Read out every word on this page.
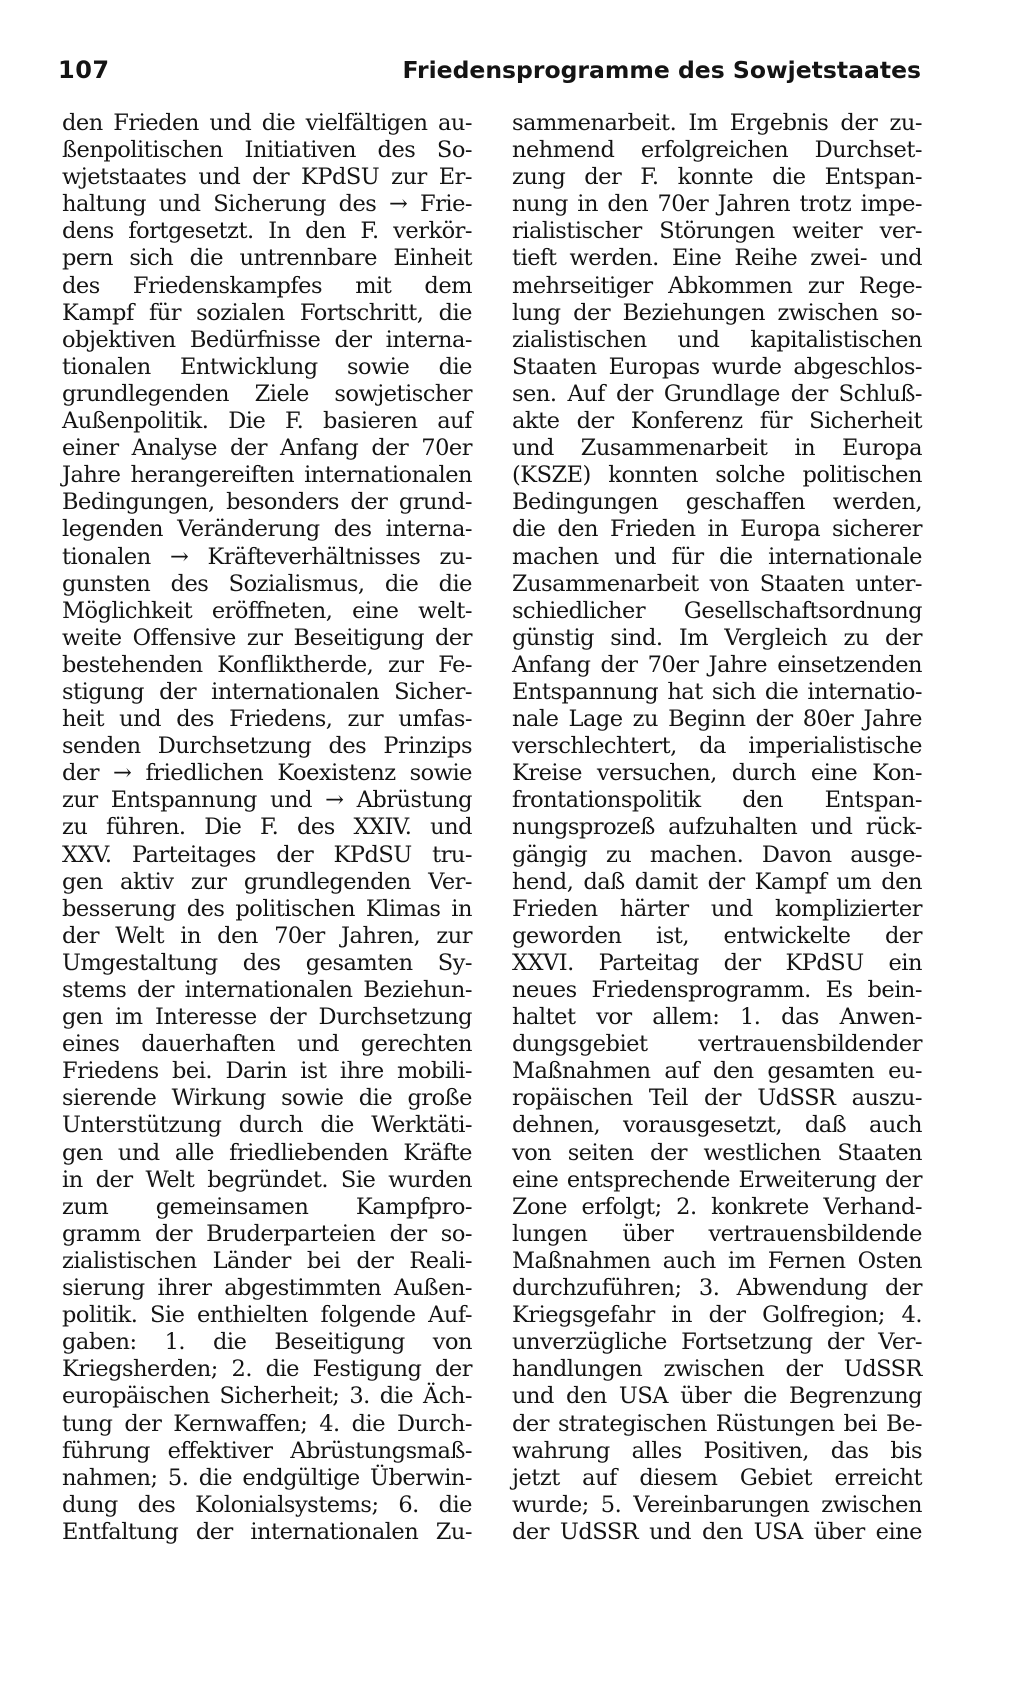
107	Friedensprogramme des Sowjetstaates
den Frieden und die vielfältigen au-
ßenpolitischen Initiativen des So-
wjetstaates und der KPdSU zur Er-
haltung und Sicherung des → Frie-
dens fortgesetzt. In den F. verkör-
pern sich die untrennbare Einheit
des Friedenskampfes mit dem
Kampf für sozialen Fortschritt, die
objektiven Bedürfnisse der interna-
tionalen Entwicklung sowie die
grundlegenden Ziele sowjetischer
Außenpolitik. Die F. basieren auf
einer Analyse der Anfang der 70er
Jahre herangereiften internationalen
Bedingungen, besonders der grund-
legenden Veränderung des interna-
tionalen → Kräfteverhältnisses zu-
gunsten des Sozialismus, die die
Möglichkeit eröffneten, eine welt-
weite Offensive zur Beseitigung der
bestehenden Konfliktherde, zur Fe-
stigung der internationalen Sicher-
heit und des Friedens, zur umfas-
senden Durchsetzung des Prinzips
der → friedlichen Koexistenz sowie
zur Entspannung und → Abrüstung
zu führen. Die F. des XXIV. und
XXV. Parteitages der KPdSU tru-
gen aktiv zur grundlegenden Ver-
besserung des politischen Klimas in
der Welt in den 70er Jahren, zur
Umgestaltung des gesamten Sy-
stems der internationalen Beziehun-
gen im Interesse der Durchsetzung
eines dauerhaften und gerechten
Friedens bei. Darin ist ihre mobili-
sierende Wirkung sowie die große
Unterstützung durch die Werktäti-
gen und alle friedliebenden Kräfte
in der Welt begründet. Sie wurden
zum gemeinsamen Kampfpro-
gramm der Bruderparteien der so-
zialistischen Länder bei der Reali-
sierung ihrer abgestimmten Außen-
politik. Sie enthielten folgende Auf-
gaben: 1. die Beseitigung von
Kriegsherden; 2. die Festigung der
europäischen Sicherheit; 3. die Äch-
tung der Kernwaffen; 4. die Durch-
führung effektiver Abrüstungsmaß-
nahmen; 5. die endgültige Überwin-
dung des Kolonialsystems; 6. die
Entfaltung der internationalen Zu-
sammenarbeit. Im Ergebnis der zu-
nehmend erfolgreichen Durchset-
zung der F. konnte die Entspan-
nung in den 70er Jahren trotz impe-
rialistischer Störungen weiter ver-
tieft werden. Eine Reihe zwei- und
mehrseitiger Abkommen zur Rege-
lung der Beziehungen zwischen so-
zialistischen und kapitalistischen
Staaten Europas wurde abgeschlos-
sen. Auf der Grundlage der Schluß-
akte der Konferenz für Sicherheit
und Zusammenarbeit in Europa
(KSZE) konnten solche politischen
Bedingungen geschaffen werden,
die den Frieden in Europa sicherer
machen und für die internationale
Zusammenarbeit von Staaten unter-
schiedlicher Gesellschaftsordnung
günstig sind. Im Vergleich zu der
Anfang der 70er Jahre einsetzenden
Entspannung hat sich die internatio-
nale Lage zu Beginn der 80er Jahre
verschlechtert, da imperialistische
Kreise versuchen, durch eine Kon-
frontationspolitik den Entspan-
nungsprozeß aufzuhalten und rück-
gängig zu machen. Davon ausge-
hend, daß damit der Kampf um den
Frieden härter und komplizierter
geworden ist, entwickelte der
XXVI. Parteitag der KPdSU ein
neues Friedensprogramm. Es bein-
haltet vor allem: 1. das Anwen-
dungsgebiet vertrauensbildender
Maßnahmen auf den gesamten eu-
ropäischen Teil der UdSSR auszu-
dehnen, vorausgesetzt, daß auch
von seiten der westlichen Staaten
eine entsprechende Erweiterung der
Zone erfolgt; 2. konkrete Verhand-
lungen über vertrauensbildende
Maßnahmen auch im Fernen Osten
durchzuführen; 3. Abwendung der
Kriegsgefahr in der Golfregion; 4.
unverzügliche Fortsetzung der Ver-
handlungen zwischen der UdSSR
und den USA über die Begrenzung
der strategischen Rüstungen bei Be-
wahrung alles Positiven, das bis
jetzt auf diesem Gebiet erreicht
wurde; 5. Vereinbarungen zwischen
der UdSSR und den USA über eine
